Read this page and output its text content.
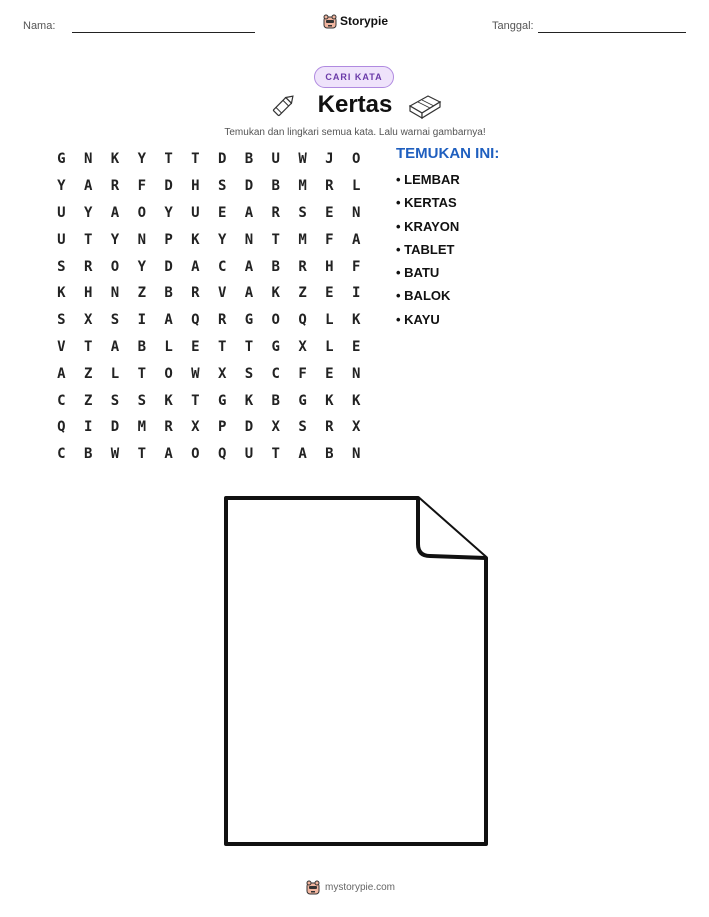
Nama:	Storypie	Tanggal:
CARI KATA
Kertas
Temukan dan lingkari semua kata. Lalu warnai gambarnya!
G	N	K	Y	T	T	D	B	U	W	J	O
Y	A	R	F	D	H	S	D	B	M	R	L
U	Y	A	O	Y	U	E	A	R	S	E	N
U	T	Y	N	P	K	Y	N	T	M	F	A
S	R	O	Y	D	A	C	A	B	R	H	F
K	H	N	Z	B	R	V	A	K	Z	E	I
S	X	S	I	A	Q	R	G	O	Q	L	K
V	T	A	B	L	E	T	T	G	X	L	E
A	Z	L	T	O	W	X	S	C	F	E	N
C	Z	S	S	K	T	G	K	B	G	K	K
Q	I	D	M	R	X	P	D	X	S	R	X
C	B	W	T	A	O	Q	U	T	A	B	N
TEMUKAN INI:
• LEMBAR
• KERTAS
• KRAYON
• TABLET
• BATU
• BALOK
• KAYU
mystorypie.com
